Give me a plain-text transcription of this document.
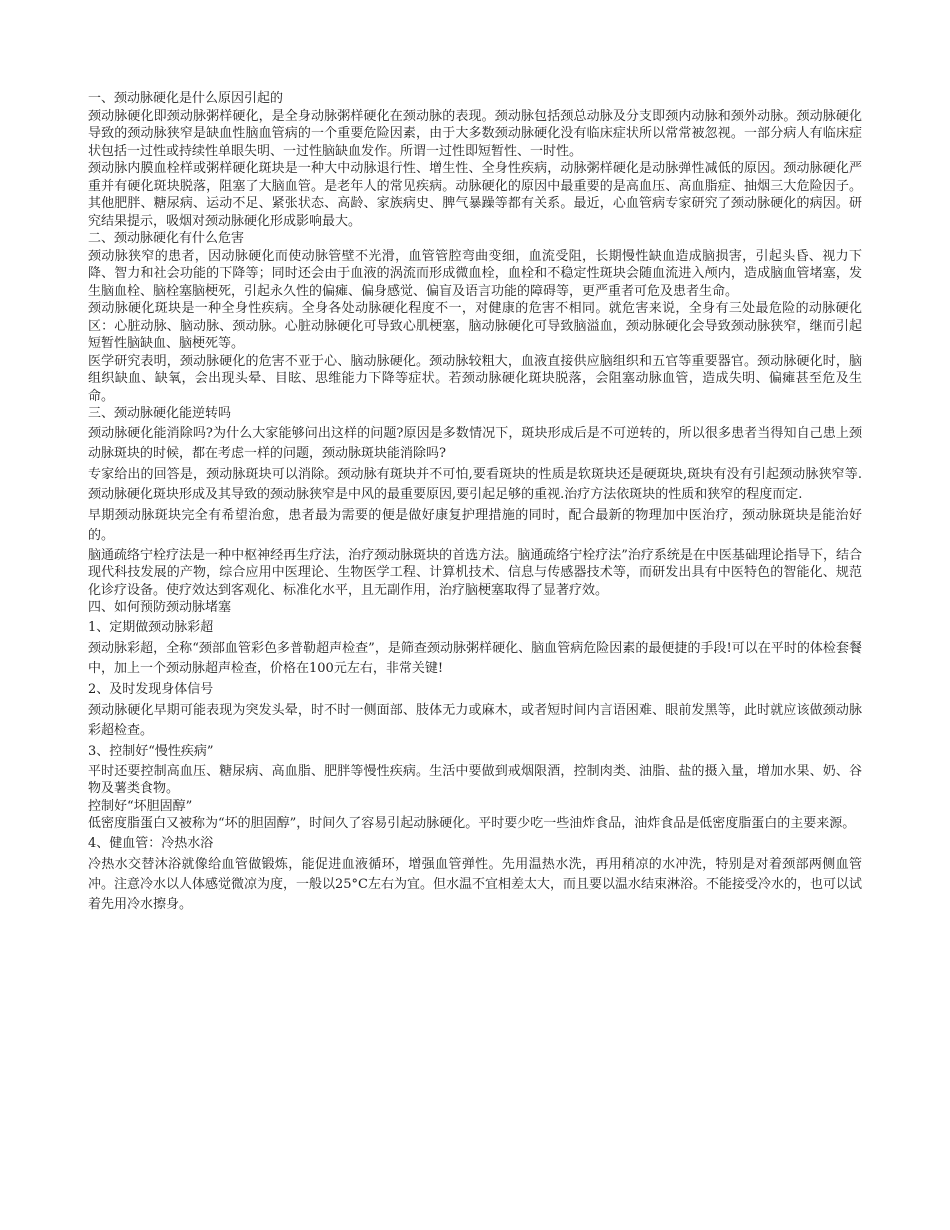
一、颈动脉硬化是什么原因引起的
颈动脉硬化即颈动脉粥样硬化，是全身动脉粥样硬化在颈动脉的表现。颈动脉包括颈总动脉及分支即颈内动脉和颈外动脉。颈动脉硬化导致的颈动脉狭窄是缺血性脑血管病的一个重要危险因素，由于大多数颈动脉硬化没有临床症状所以常常被忽视。一部分病人有临床症状包括一过性或持续性单眼失明、一过性脑缺血发作。所谓一过性即短暂性、一时性。
颈动脉内膜血栓样或粥样硬化斑块是一种大中动脉退行性、增生性、全身性疾病，动脉粥样硬化是动脉弹性减低的原因。颈动脉硬化严重并有硬化斑块脱落，阻塞了大脑血管。是老年人的常见疾病。动脉硬化的原因中最重要的是高血压、高血脂症、抽烟三大危险因子。其他肥胖、糖尿病、运动不足、紧张状态、高龄、家族病史、脾气暴躁等都有关系。最近，心血管病专家研究了颈动脉硬化的病因。研究结果提示，吸烟对颈动脉硬化形成影响最大。
二、颈动脉硬化有什么危害
颈动脉狭窄的患者，因动脉硬化而使动脉管壁不光滑，血管管腔弯曲变细，血流受阻，长期慢性缺血造成脑损害，引起头昏、视力下降、智力和社会功能的下降等；同时还会由于血液的涡流而形成微血栓，血栓和不稳定性斑块会随血流进入颅内，造成脑血管堵塞，发生脑血栓、脑栓塞脑梗死，引起永久性的偏瘫、偏身感觉、偏盲及语言功能的障碍等，更严重者可危及患者生命。
颈动脉硬化斑块是一种全身性疾病。全身各处动脉硬化程度不一，对健康的危害不相同。就危害来说，全身有三处最危险的动脉硬化区：心脏动脉、脑动脉、颈动脉。心脏动脉硬化可导致心肌梗塞，脑动脉硬化可导致脑溢血，颈动脉硬化会导致颈动脉狭窄，继而引起短暂性脑缺血、脑梗死等。
医学研究表明，颈动脉硬化的危害不亚于心、脑动脉硬化。颈动脉较粗大，血液直接供应脑组织和五官等重要器官。颈动脉硬化时，脑组织缺血、缺氧，会出现头晕、目眩、思维能力下降等症状。若颈动脉硬化斑块脱落，会阻塞动脉血管，造成失明、偏瘫甚至危及生命。
三、颈动脉硬化能逆转吗
颈动脉硬化能消除吗?为什么大家能够问出这样的问题?原因是多数情况下，斑块形成后是不可逆转的，所以很多患者当得知自己患上颈动脉斑块的时候，都在考虑一样的问题，颈动脉斑块能消除吗?
专家给出的回答是，颈动脉斑块可以消除。颈动脉有斑块并不可怕,要看斑块的性质是软斑块还是硬斑块,斑块有没有引起颈动脉狭窄等.颈动脉硬化斑块形成及其导致的颈动脉狭窄是中风的最重要原因,要引起足够的重视.治疗方法依斑块的性质和狭窄的程度而定.
早期颈动脉斑块完全有希望治愈，患者最为需要的便是做好康复护理措施的同时，配合最新的物理加中医治疗，颈动脉斑块是能治好的。
脑通疏络宁栓疗法是一种中枢神经再生疗法，治疗颈动脉斑块的首选方法。脑通疏络宁栓疗法”治疗系统是在中医基础理论指导下，结合现代科技发展的产物，综合应用中医理论、生物医学工程、计算机技术、信息与传感器技术等，而研发出具有中医特色的智能化、规范化诊疗设备。使疗效达到客观化、标准化水平，且无副作用，治疗脑梗塞取得了显著疗效。
四、如何预防颈动脉堵塞
1、定期做颈动脉彩超
颈动脉彩超，全称“颈部血管彩色多普勒超声检查”，是筛查颈动脉粥样硬化、脑血管病危险因素的最便捷的手段!可以在平时的体检套餐中，加上一个颈动脉超声检查，价格在100元左右，非常关键!
2、及时发现身体信号
颈动脉硬化早期可能表现为突发头晕，时不时一侧面部、肢体无力或麻木，或者短时间内言语困难、眼前发黑等，此时就应该做颈动脉彩超检查。
3、控制好“慢性疾病”
平时还要控制高血压、糖尿病、高血脂、肥胖等慢性疾病。生活中要做到戒烟限酒，控制肉类、油脂、盐的摄入量，增加水果、奶、谷物及薯类食物。
控制好“坏胆固醇”
低密度脂蛋白又被称为“坏的胆固醇”，时间久了容易引起动脉硬化。平时要少吃一些油炸食品，油炸食品是低密度脂蛋白的主要来源。
4、健血管：冷热水浴
冷热水交替沐浴就像给血管做锻炼，能促进血液循环，增强血管弹性。先用温热水洗，再用稍凉的水冲洗，特别是对着颈部两侧血管冲。注意冷水以人体感觉微凉为度，一般以25°C左右为宜。但水温不宜相差太大，而且要以温水结束淋浴。不能接受冷水的，也可以试着先用冷水擦身。
